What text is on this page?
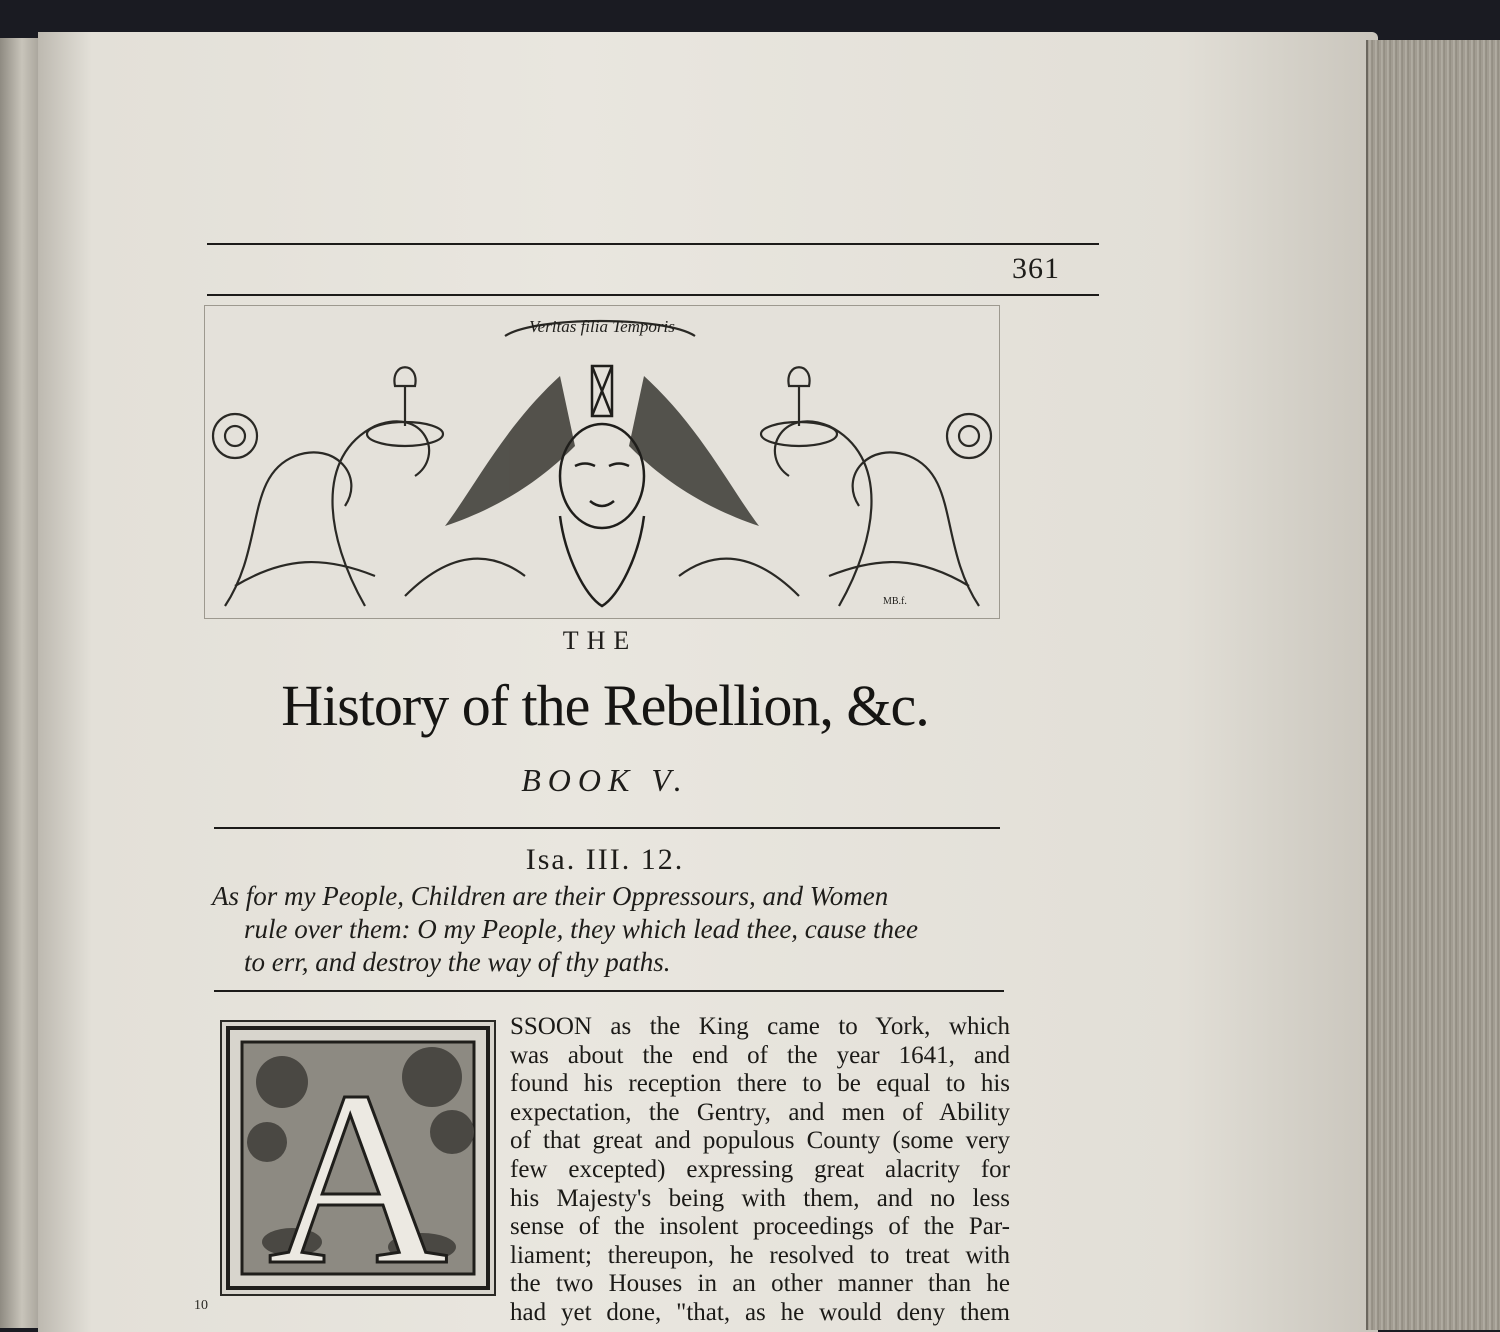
361
Veritas filia Temporis
MB.f.
THE
History of the Rebellion, &c.
BOOK V.
Isa. III. 12.
As for my People, Children are their Oppressours, and Women
rule over them: O my People, they which lead thee, cause thee
to err, and destroy the way of thy paths.
A
SSOON as the King came to York, which
was about the end of the year 1641, and
found his reception there to be equal to his
expectation, the Gentry, and men of Ability
of that great and populous County (some very
few excepted) expressing great alacrity for
his Majesty's being with them, and no less
sense of the insolent proceedings of the Par-
liament; thereupon, he resolved to treat with
the two Houses in an other manner than he
had yet done, "that, as he would deny them
10
